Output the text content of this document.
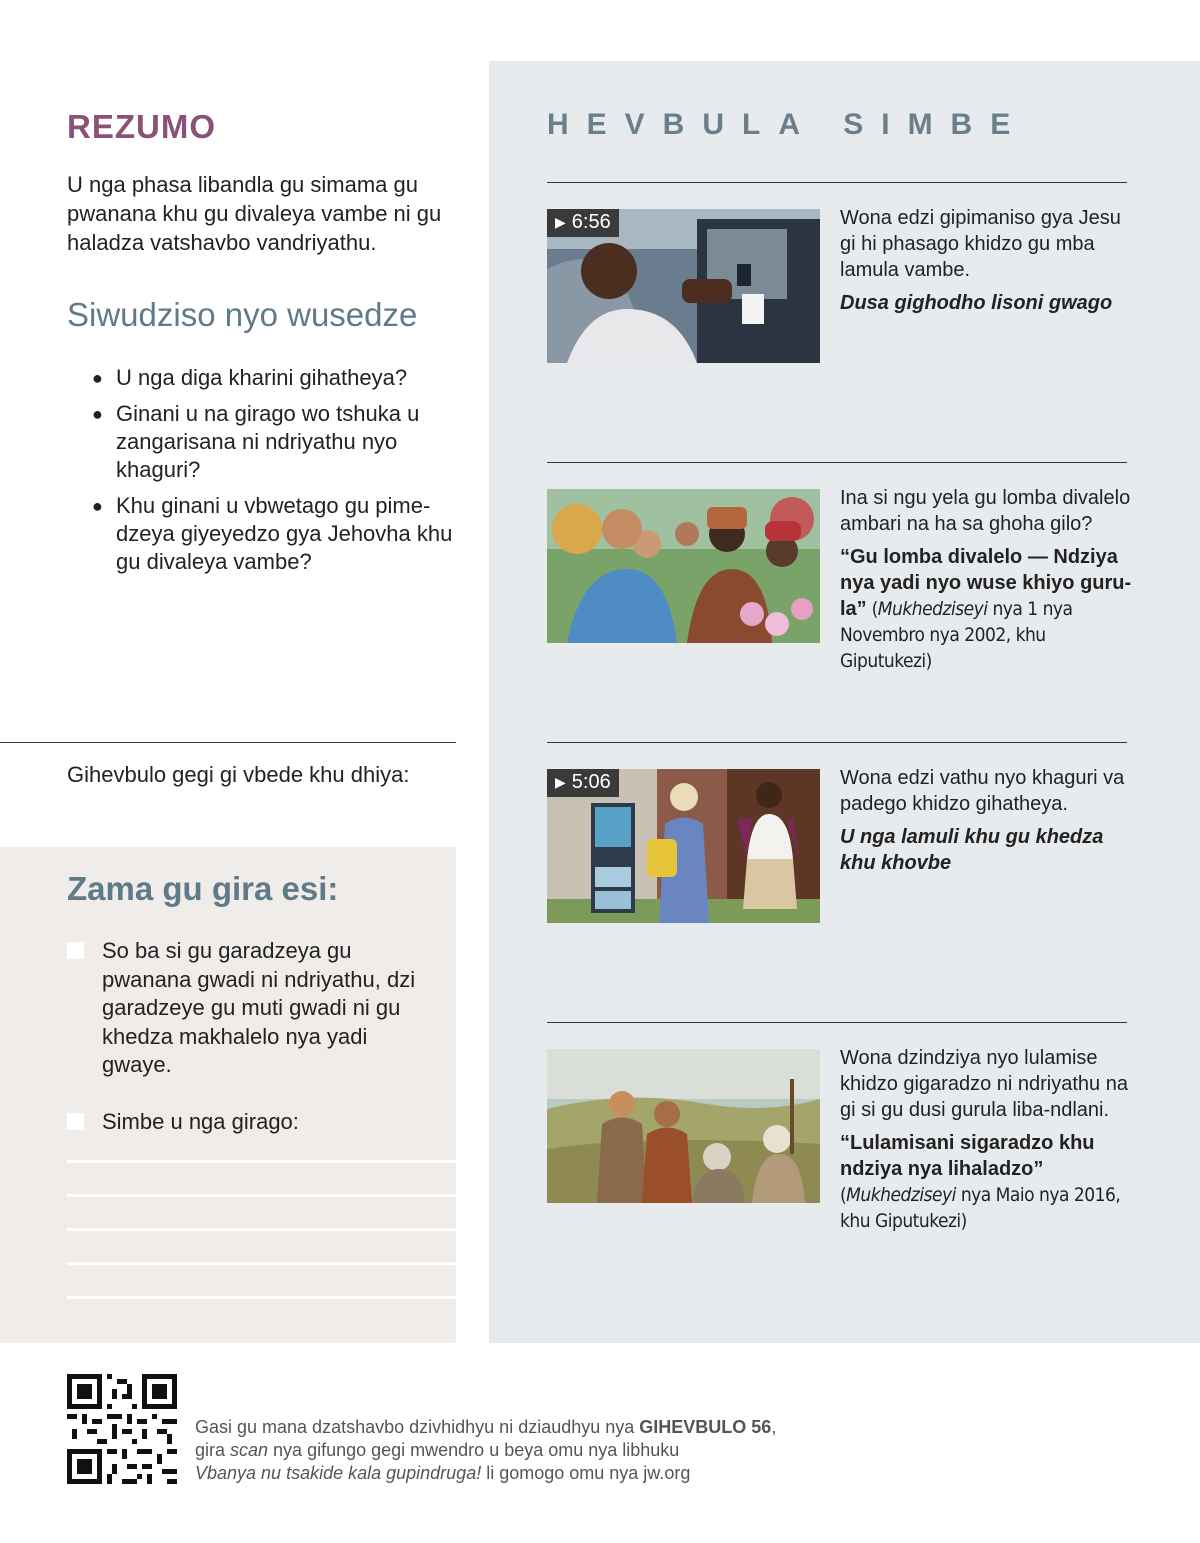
REZUMO

U nga phasa libandla gu simama gu pwanana khu gu divaleya vambe ni gu haladza vatshavbo vandriyathu.

Siwudziso nyo wusedze
● U nga diga kharini gihatheya?
● Ginani u na girago wo tshuka u zangarisana ni ndriyathu nyo khaguri?
● Khu ginani u vbwetago gu pime-dzeya giyeyedzo gya Jehovha khu gu divaleya vambe?
Gihevbulo gegi gi vbede khu dhiya:
Zama gu gira esi:
So ba si gu garadzeya gu pwanana gwadi ni ndriyathu, dzi garadzeye gu muti gwadi ni gu khedza makhalelo nya yadi gwaye.
Simbe u nga girago:
HEVBULA SIMBE
▶ 6:56	Wona edzi gipimaniso gya Jesu gi hi phasago khidzo gu mba lamula vambe.
Dusa gighodho lisoni gwago
Ina si ngu yela gu lomba divalelo ambari na ha sa ghoha gilo?
“Gu lomba divalelo — Ndziya nya yadi nyo wuse khiyo guru-la” (Mukhedziseyi nya 1 nya Novembro nya 2002, khu Giputukezi)
▶ 5:06	Wona edzi vathu nyo khaguri va padego khidzo gihatheya.
U nga lamuli khu gu khedza khu khovbe
Wona dzindziya nyo lulamise khidzo gigaradzo ni ndriyathu na gi si gu dusi gurula liba-ndlani.
“Lulamisani sigaradzo khu ndziya nya lihaladzo”
(Mukhedziseyi nya Maio nya 2016, khu Giputukezi)
Gasi gu mana dzatshavbo dzivhidhyu ni dziaudhyu nya GIHEVBULO 56,
gira scan nya gifungo gegi mwendro u beya omu nya libhuku
Vbanya nu tsakide kala gupindruga! li gomogo omu nya jw.org
